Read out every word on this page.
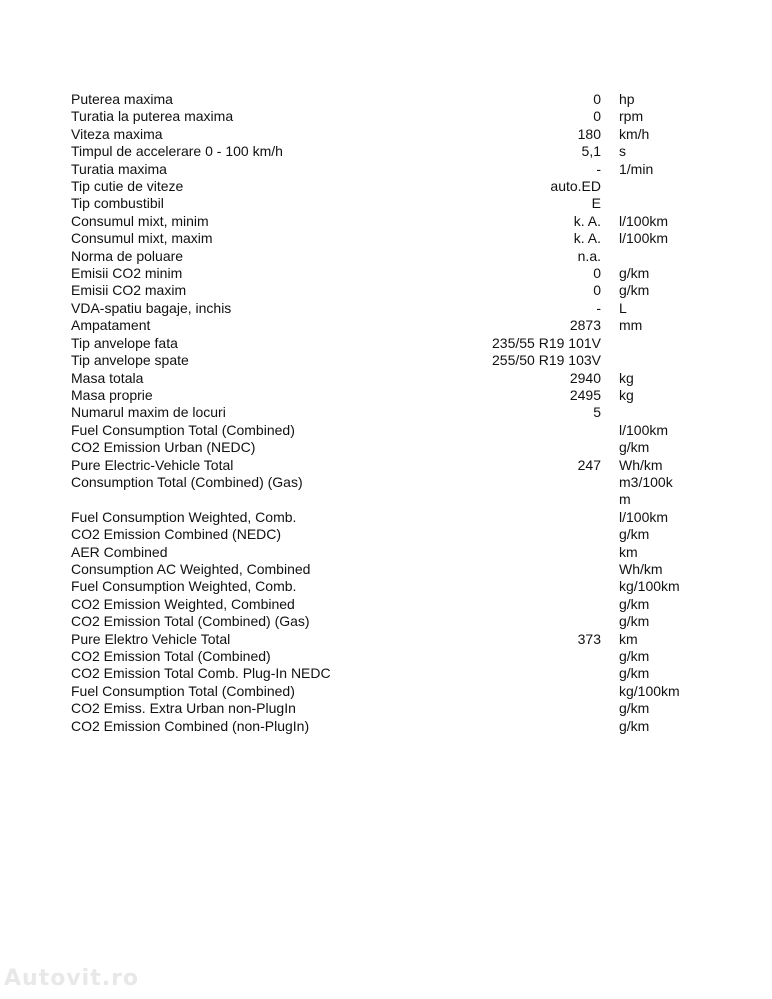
Puterea maxima	0 hp
Turatia la puterea maxima	0 rpm
Viteza maxima	180 km/h
Timpul de accelerare 0 - 100 km/h	5,1 s
Turatia maxima	- 1/min
Tip cutie de viteze	auto.ED
Tip combustibil	E
Consumul mixt, minim	k. A. l/100km
Consumul mixt, maxim	k. A. l/100km
Norma de poluare	n.a.
Emisii CO2 minim	0 g/km
Emisii CO2 maxim	0 g/km
VDA-spatiu bagaje, inchis	- L
Ampatament	2873 mm
Tip anvelope fata	235/55 R19 101V
Tip anvelope spate	255/50 R19 103V
Masa totala	2940 kg
Masa proprie	2495 kg
Numarul maxim de locuri	5
Fuel Consumption Total (Combined)	l/100km
CO2 Emission Urban (NEDC)	g/km
Pure Electric-Vehicle Total	247 Wh/km
Consumption Total (Combined) (Gas)	m3/100km
Fuel Consumption Weighted, Comb.	l/100km
CO2 Emission Combined (NEDC)	g/km
AER Combined	km
Consumption AC Weighted, Combined	Wh/km
Fuel Consumption Weighted, Comb.	kg/100km
CO2 Emission Weighted, Combined	g/km
CO2 Emission Total (Combined) (Gas)	g/km
Pure Elektro Vehicle Total	373 km
CO2 Emission Total (Combined)	g/km
CO2 Emission Total Comb. Plug-In NEDC	g/km
Fuel Consumption Total (Combined)	kg/100km
CO2 Emiss. Extra Urban non-PlugIn	g/km
CO2 Emission Combined (non-PlugIn)	g/km
Autovit.ro
